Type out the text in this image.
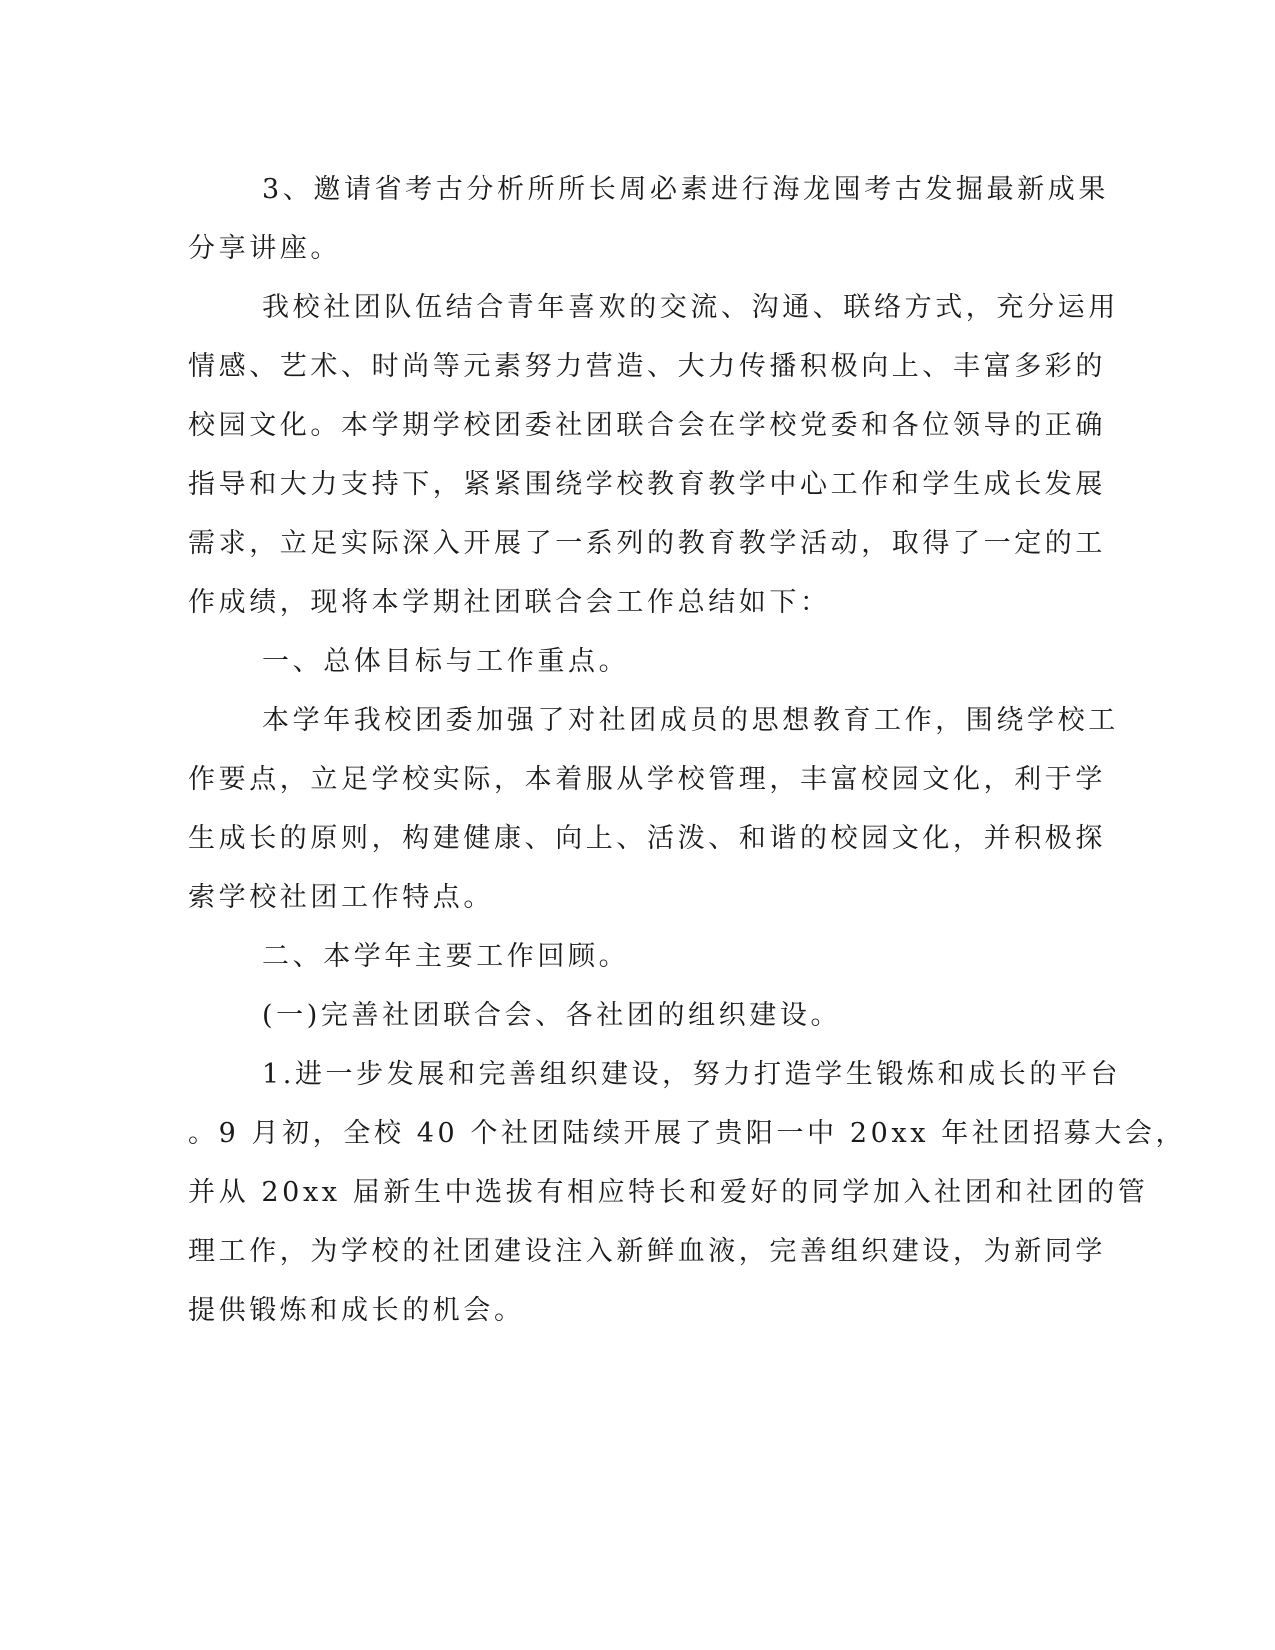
3、邀请省考古分析所所长周必素进行海龙囤考古发掘最新成果
分享讲座。
我校社团队伍结合青年喜欢的交流、沟通、联络方式，充分运用
情感、艺术、时尚等元素努力营造、大力传播积极向上、丰富多彩的
校园文化。本学期学校团委社团联合会在学校党委和各位领导的正确
指导和大力支持下，紧紧围绕学校教育教学中心工作和学生成长发展
需求，立足实际深入开展了一系列的教育教学活动，取得了一定的工
作成绩，现将本学期社团联合会工作总结如下：
一、总体目标与工作重点。
本学年我校团委加强了对社团成员的思想教育工作，围绕学校工
作要点，立足学校实际，本着服从学校管理，丰富校园文化，利于学
生成长的原则，构建健康、向上、活泼、和谐的校园文化，并积极探
索学校社团工作特点。
二、本学年主要工作回顾。
(一)完善社团联合会、各社团的组织建设。
1.进一步发展和完善组织建设，努力打造学生锻炼和成长的平台
。9 月初，全校 40 个社团陆续开展了贵阳一中 20xx 年社团招募大会，
并从 20xx 届新生中选拔有相应特长和爱好的同学加入社团和社团的管
理工作，为学校的社团建设注入新鲜血液，完善组织建设，为新同学
提供锻炼和成长的机会。
